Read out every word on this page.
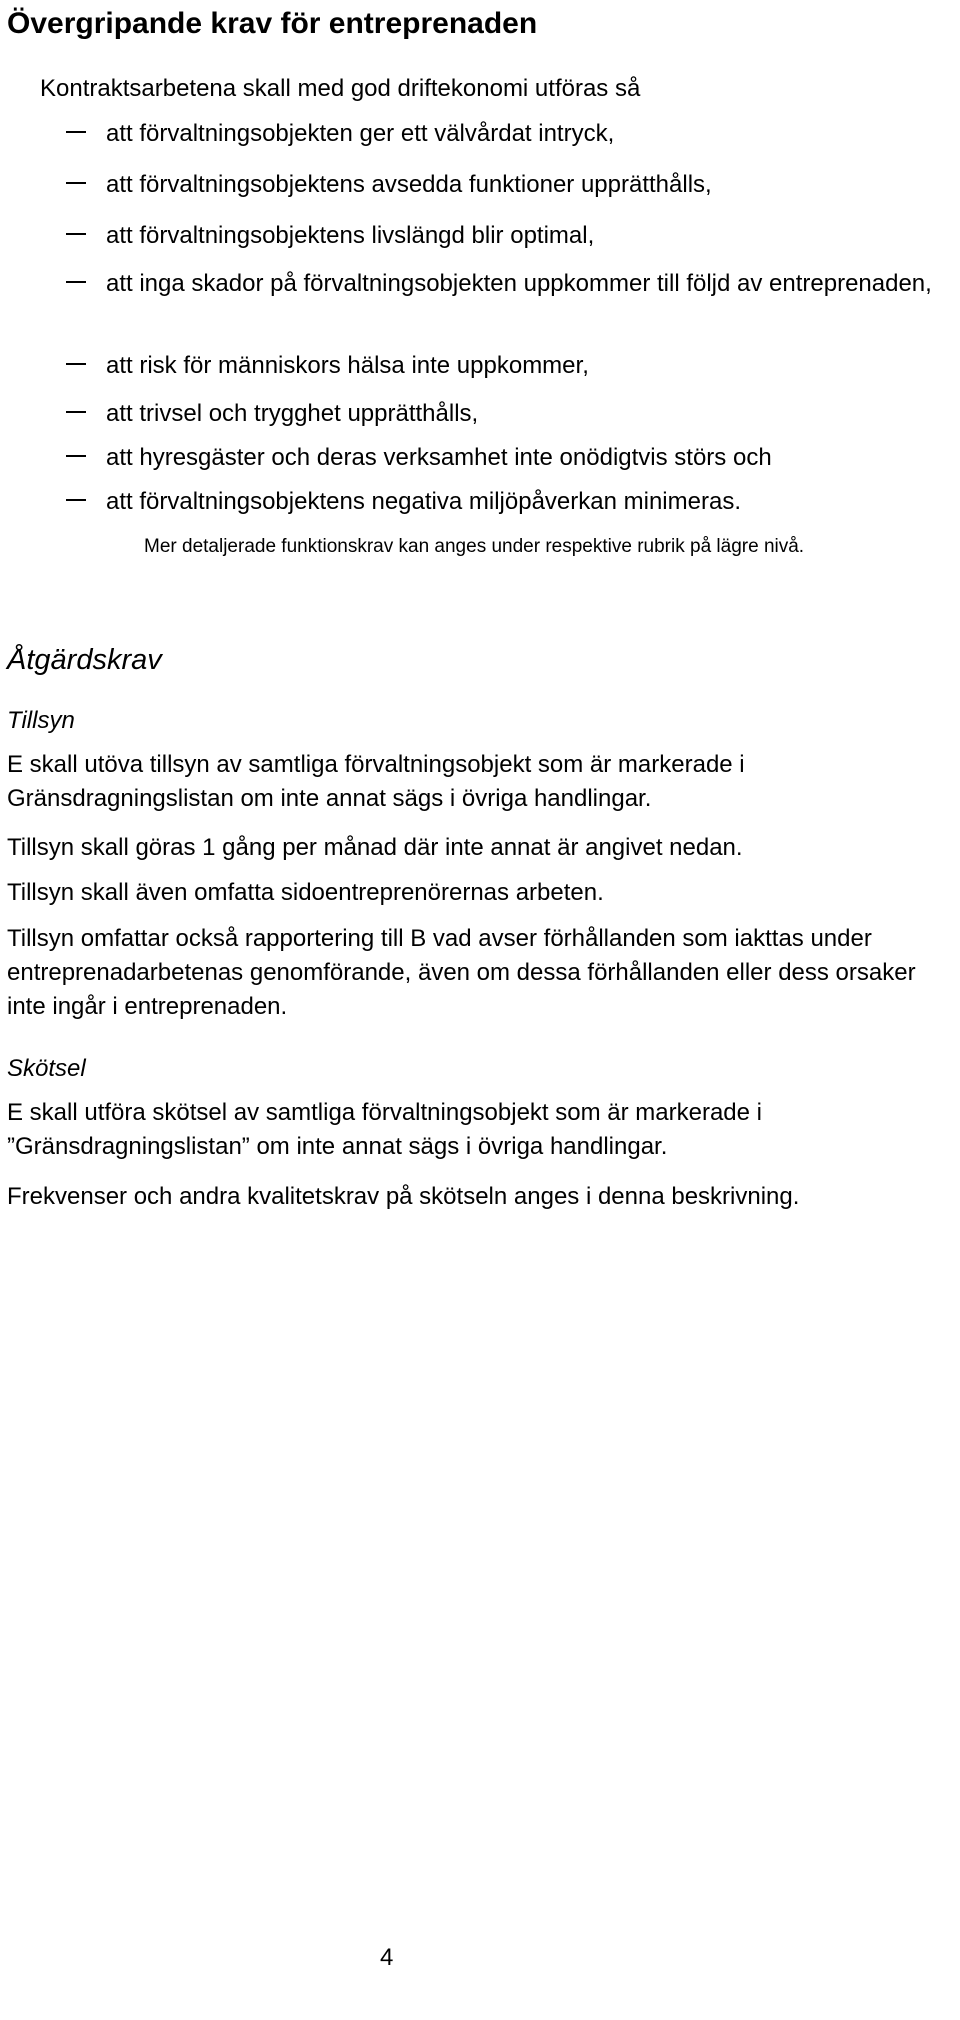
Övergripande krav för entreprenaden
Kontraktsarbetena skall med god driftekonomi utföras så
att förvaltningsobjekten ger ett välvårdat intryck,
att förvaltningsobjektens avsedda funktioner upprätthålls,
att förvaltningsobjektens livslängd blir optimal,
att inga skador på förvaltningsobjekten uppkommer till följd av entreprenaden,
att risk för människors hälsa inte uppkommer,
att trivsel och trygghet upprätthålls,
att hyresgäster och deras verksamhet inte onödigtvis störs och
att förvaltningsobjektens negativa miljöpåverkan minimeras.
Mer detaljerade funktionskrav kan anges under respektive rubrik på lägre nivå.
Åtgärdskrav
Tillsyn
E skall utöva tillsyn av samtliga förvaltningsobjekt som är markerade i Gränsdragningslistan om inte annat sägs i övriga handlingar.
Tillsyn skall göras 1 gång per månad där inte annat är angivet nedan.
Tillsyn skall även omfatta sidoentreprenörernas arbeten.
Tillsyn omfattar också rapportering till B vad avser förhållanden som iakttas under entreprenadarbetenas genomförande, även om dessa förhållanden eller dess orsaker inte ingår i entreprenaden.
Skötsel
E skall utföra skötsel av samtliga förvaltningsobjekt som är markerade i ”Gränsdragningslistan” om inte annat sägs i övriga handlingar.
Frekvenser och andra kvalitetskrav på skötseln anges i denna beskrivning.
4
